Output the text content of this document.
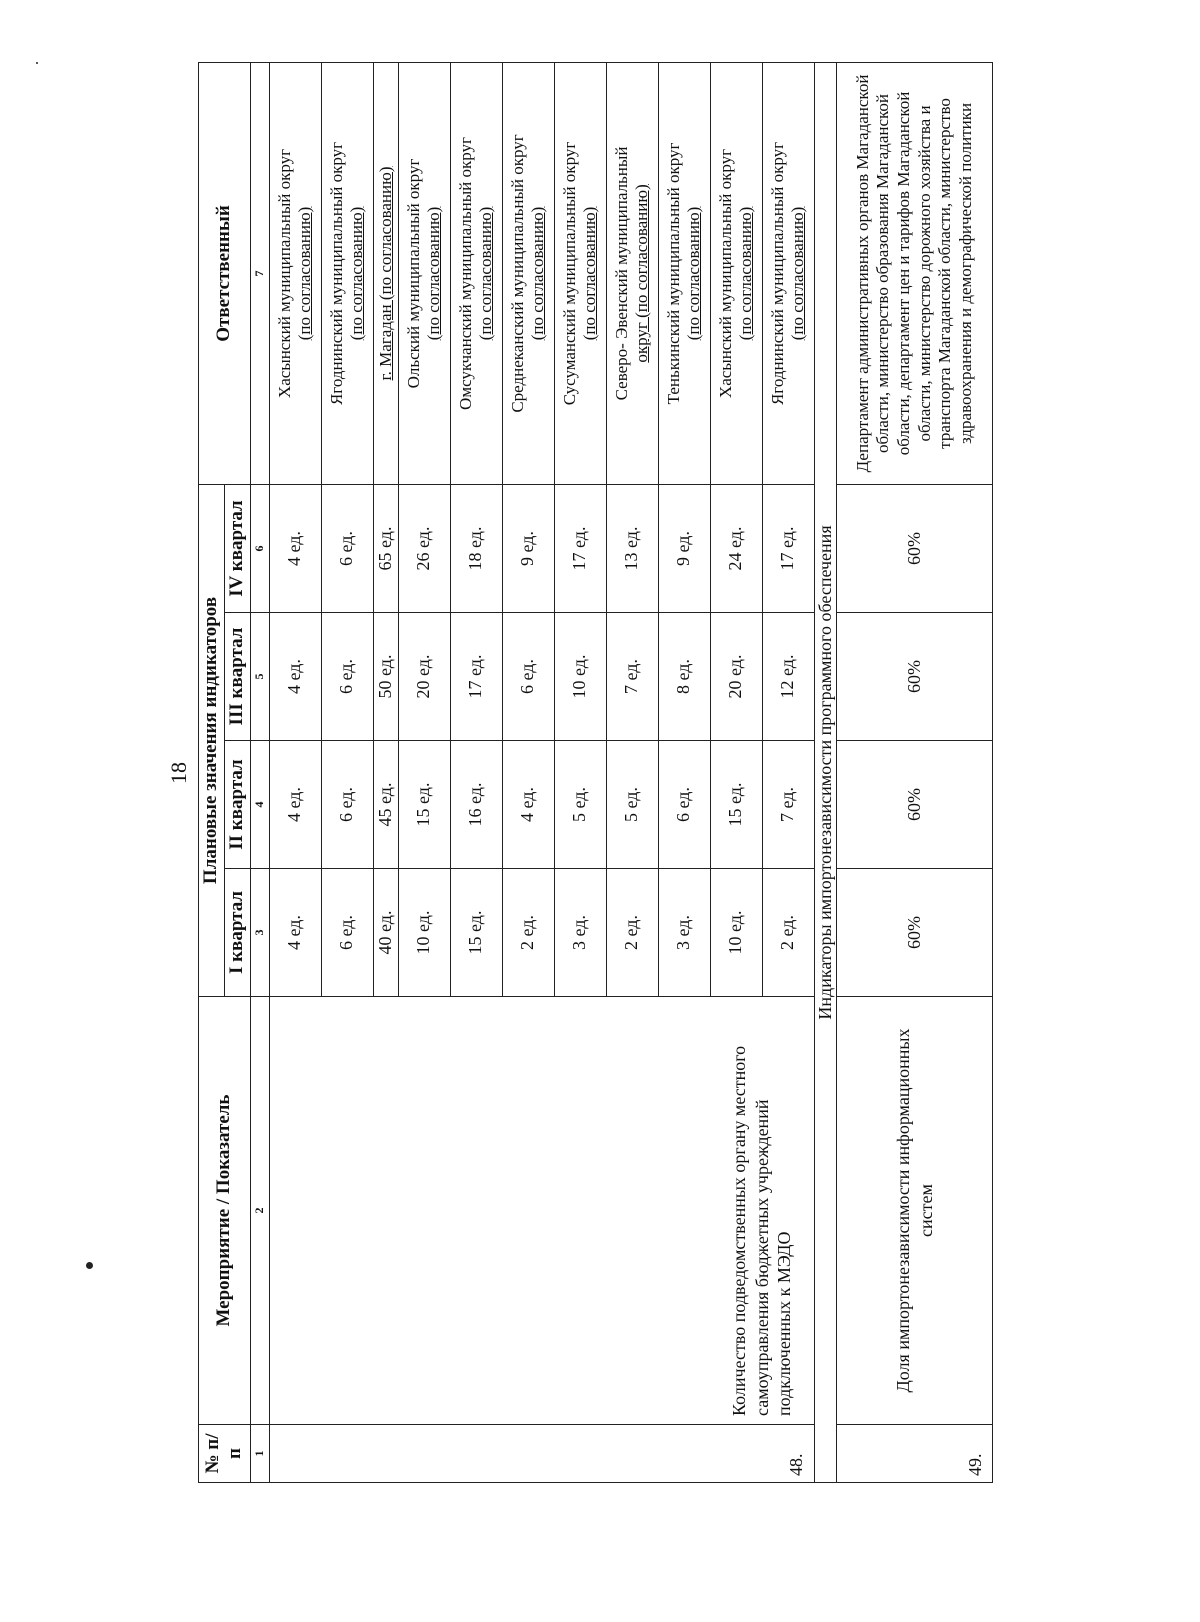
18
№ п/п	Мероприятие / Показатель	Плановые значения индикаторов				Ответственный
		I квартал	II квартал	III квартал	IV квартал	
1	2	3	4	5	6	7
48.	Количество подведомственных органу местного самоуправления бюджетных учреждений подключенных к МЭДО	4 ед.	4 ед.	4 ед.	4 ед.	Хасынский муниципальный округ (по согласованию)

		6 ед.	6 ед.	6 ед.	6 ед.	Ягоднинский муниципальный округ (по согласованию)

		40 ед.	45 ед.	50 ед.	65 ед.	г. Магадан (по согласованию)

		10 ед.	15 ед.	20 ед.	26 ед.	Ольский муниципальный округ (по согласованию)

		15 ед.	16 ед.	17 ед.	18 ед.	Омсукчанский муниципальный округ (по согласованию)

		2 ед.	4 ед.	6 ед.	9 ед.	Среднеканский муниципальный округ (по согласованию)

		3 ед.	5 ед.	10 ед.	17 ед.	Сусуманский муниципальный округ (по согласованию)

		2 ед.	5 ед.	7 ед.	13 ед.	Северо- Эвенский муниципальный округ (по согласованию)

		3 ед.	6 ед.	8 ед.	9 ед.	Тенькинский муниципальный округ (по согласованию)

		10 ед.	15 ед.	20 ед.	24 ед.	Хасынский муниципальный округ (по согласованию)

		2 ед.	7 ед.	12 ед.	17 ед.	Ягоднинский муниципальный округ (по согласованию)

Индикаторы импортонезависимости программного обеспечения						
49.	Доля импортонезависимости информационных систем	60%	60%	60%	60%	Департамент административных органов Магаданской области, министерство образования Магаданской области, департамент цен и тарифов Магаданской области, министерство дорожного хозяйства и транспорта Магаданской области, министерство здравоохранения и демографической политики
